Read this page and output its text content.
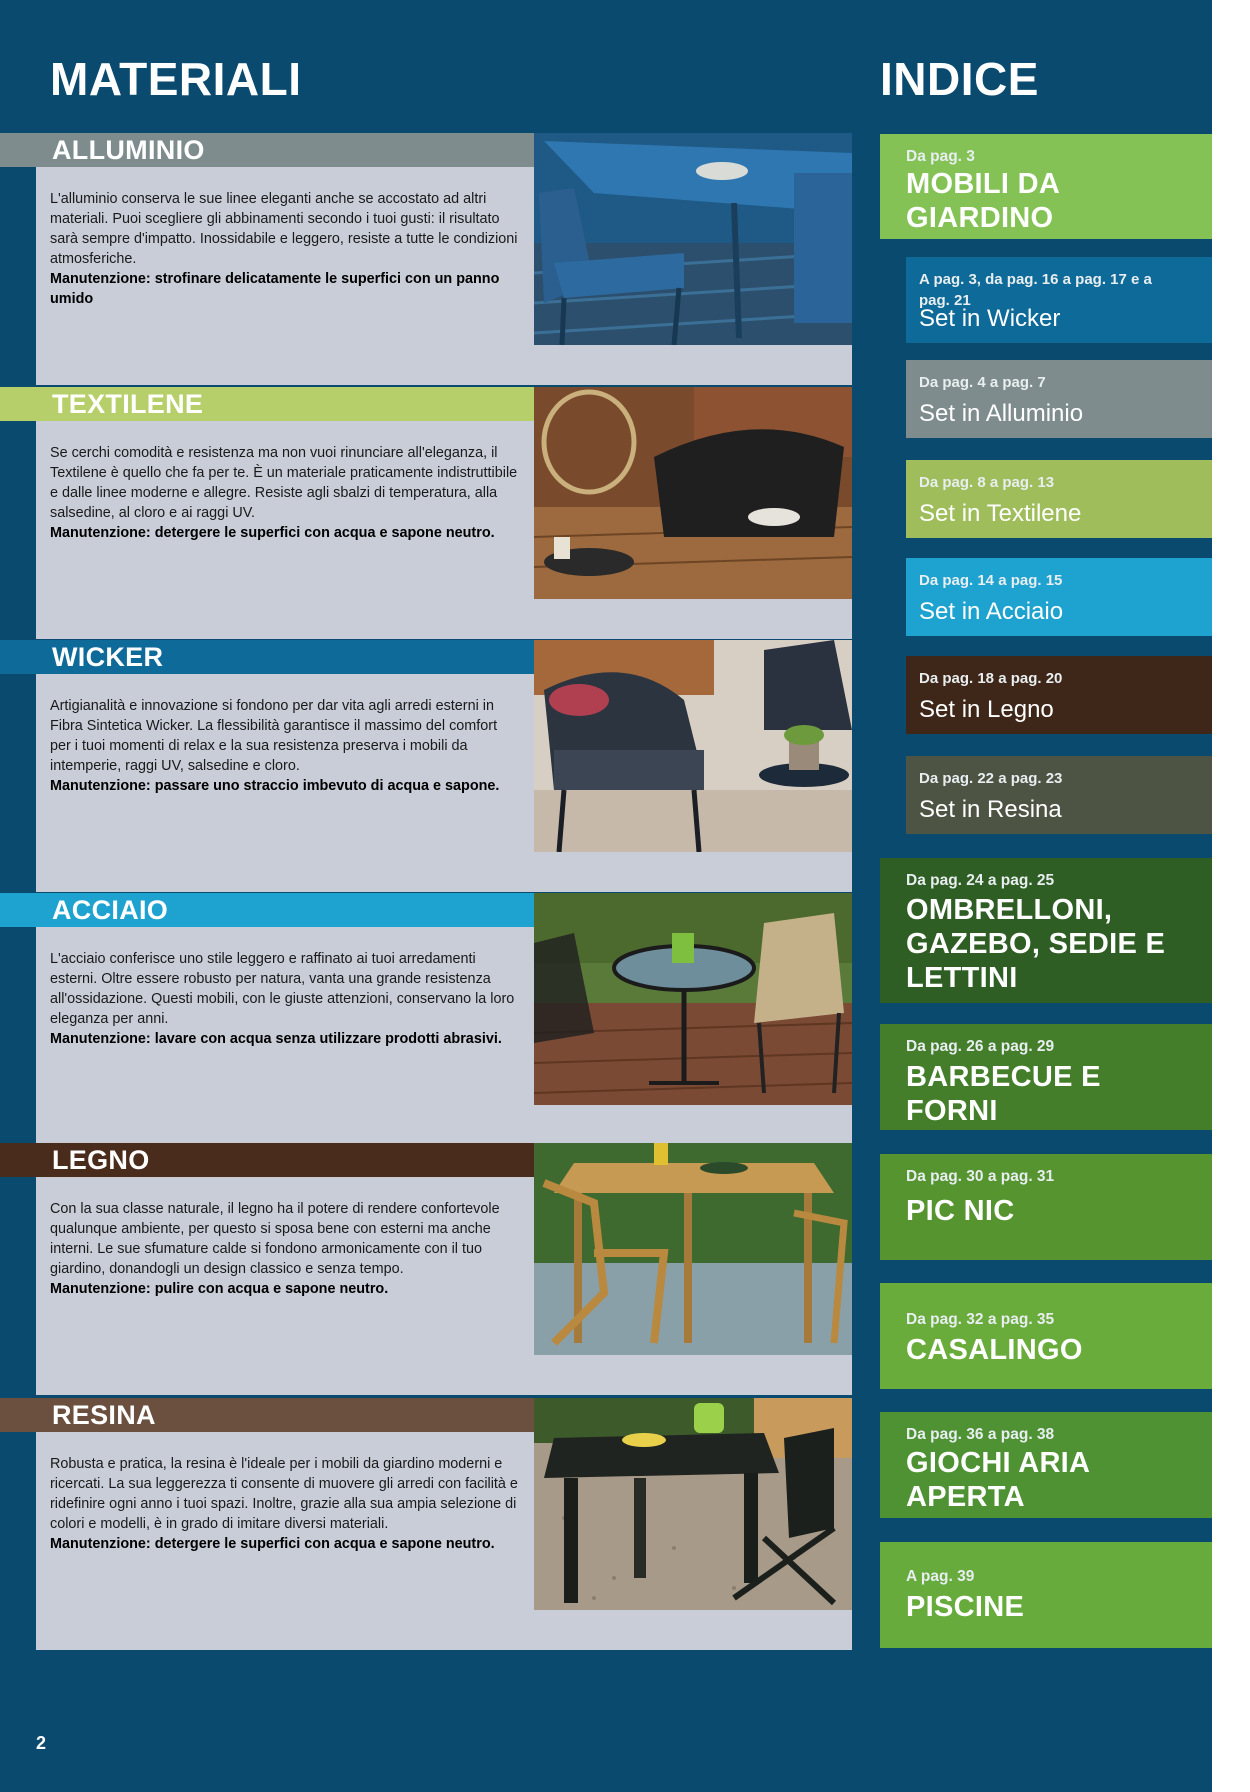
MATERIALI	INDICE
ALLUMINIO

L'alluminio conserva le sue linee eleganti anche se accostato ad altri materiali. Puoi scegliere gli abbinamenti secondo i tuoi gusti: il risultato sarà sempre d'impatto. Inossidabile e leggero, resiste a tutte le condizioni atmosferiche.

Manutenzione: strofinare delicatamente le superfici con un panno umido

TEXTILENE

Se cerchi comodità e resistenza ma non vuoi rinunciare all'eleganza, il Textilene è quello che fa per te. È un materiale praticamente indistruttibile e dalle linee moderne e allegre. Resiste agli sbalzi di temperatura, alla salsedine, al cloro e ai raggi UV.

Manutenzione: detergere le superfici con acqua e sapone neutro.

WICKER

Artigianalità e innovazione si fondono per dar vita agli arredi esterni in Fibra Sintetica Wicker. La flessibilità garantisce il massimo del comfort per i tuoi momenti di relax e la sua resistenza preserva i mobili da intemperie, raggi UV, salsedine e cloro.

Manutenzione: passare uno straccio imbevuto di acqua e sapone.

ACCIAIO

L'acciaio conferisce uno stile leggero e raffinato ai tuoi arredamenti esterni. Oltre essere robusto per natura, vanta una grande resistenza all'ossidazione. Questi mobili, con le giuste attenzioni, conservano la loro eleganza per anni.

Manutenzione: lavare con acqua senza utilizzare prodotti abrasivi.

LEGNO

Con la sua classe naturale, il legno ha il potere di rendere confortevole qualunque ambiente, per questo si sposa bene con esterni ma anche interni. Le sue sfumature calde si fondono armonicamente con il tuo giardino, donandogli un design classico e senza tempo.

Manutenzione: pulire con acqua e sapone neutro.

RESINA

Robusta e pratica, la resina è l'ideale per i mobili da giardino moderni e ricercati. La sua leggerezza ti consente di muovere gli arredi con facilità e ridefinire ogni anno i tuoi spazi. Inoltre, grazie alla sua ampia selezione di colori e modelli, è in grado di imitare diversi materiali.

Manutenzione: detergere le superfici con acqua e sapone neutro.

Da pag. 3
MOBILI DA GIARDINO
A pag. 3, da pag. 16 a pag. 17 e a pag. 21
Set in Wicker
Da pag. 4 a pag. 7
Set in Alluminio
Da pag. 8 a pag. 13
Set in Textilene
Da pag. 14 a pag. 15
Set in Acciaio
Da pag. 18 a pag. 20
Set in Legno
Da pag. 22 a pag. 23
Set in Resina
Da pag. 24 a pag. 25
OMBRELLONI, GAZEBO, SEDIE E LETTINI
Da pag. 26 a pag. 29
BARBECUE E FORNI
Da pag. 30 a pag. 31
PIC NIC
Da pag. 32 a pag. 35
CASALINGO
Da pag. 36 a pag. 38
GIOCHI ARIA APERTA
A pag. 39
PISCINE
2
